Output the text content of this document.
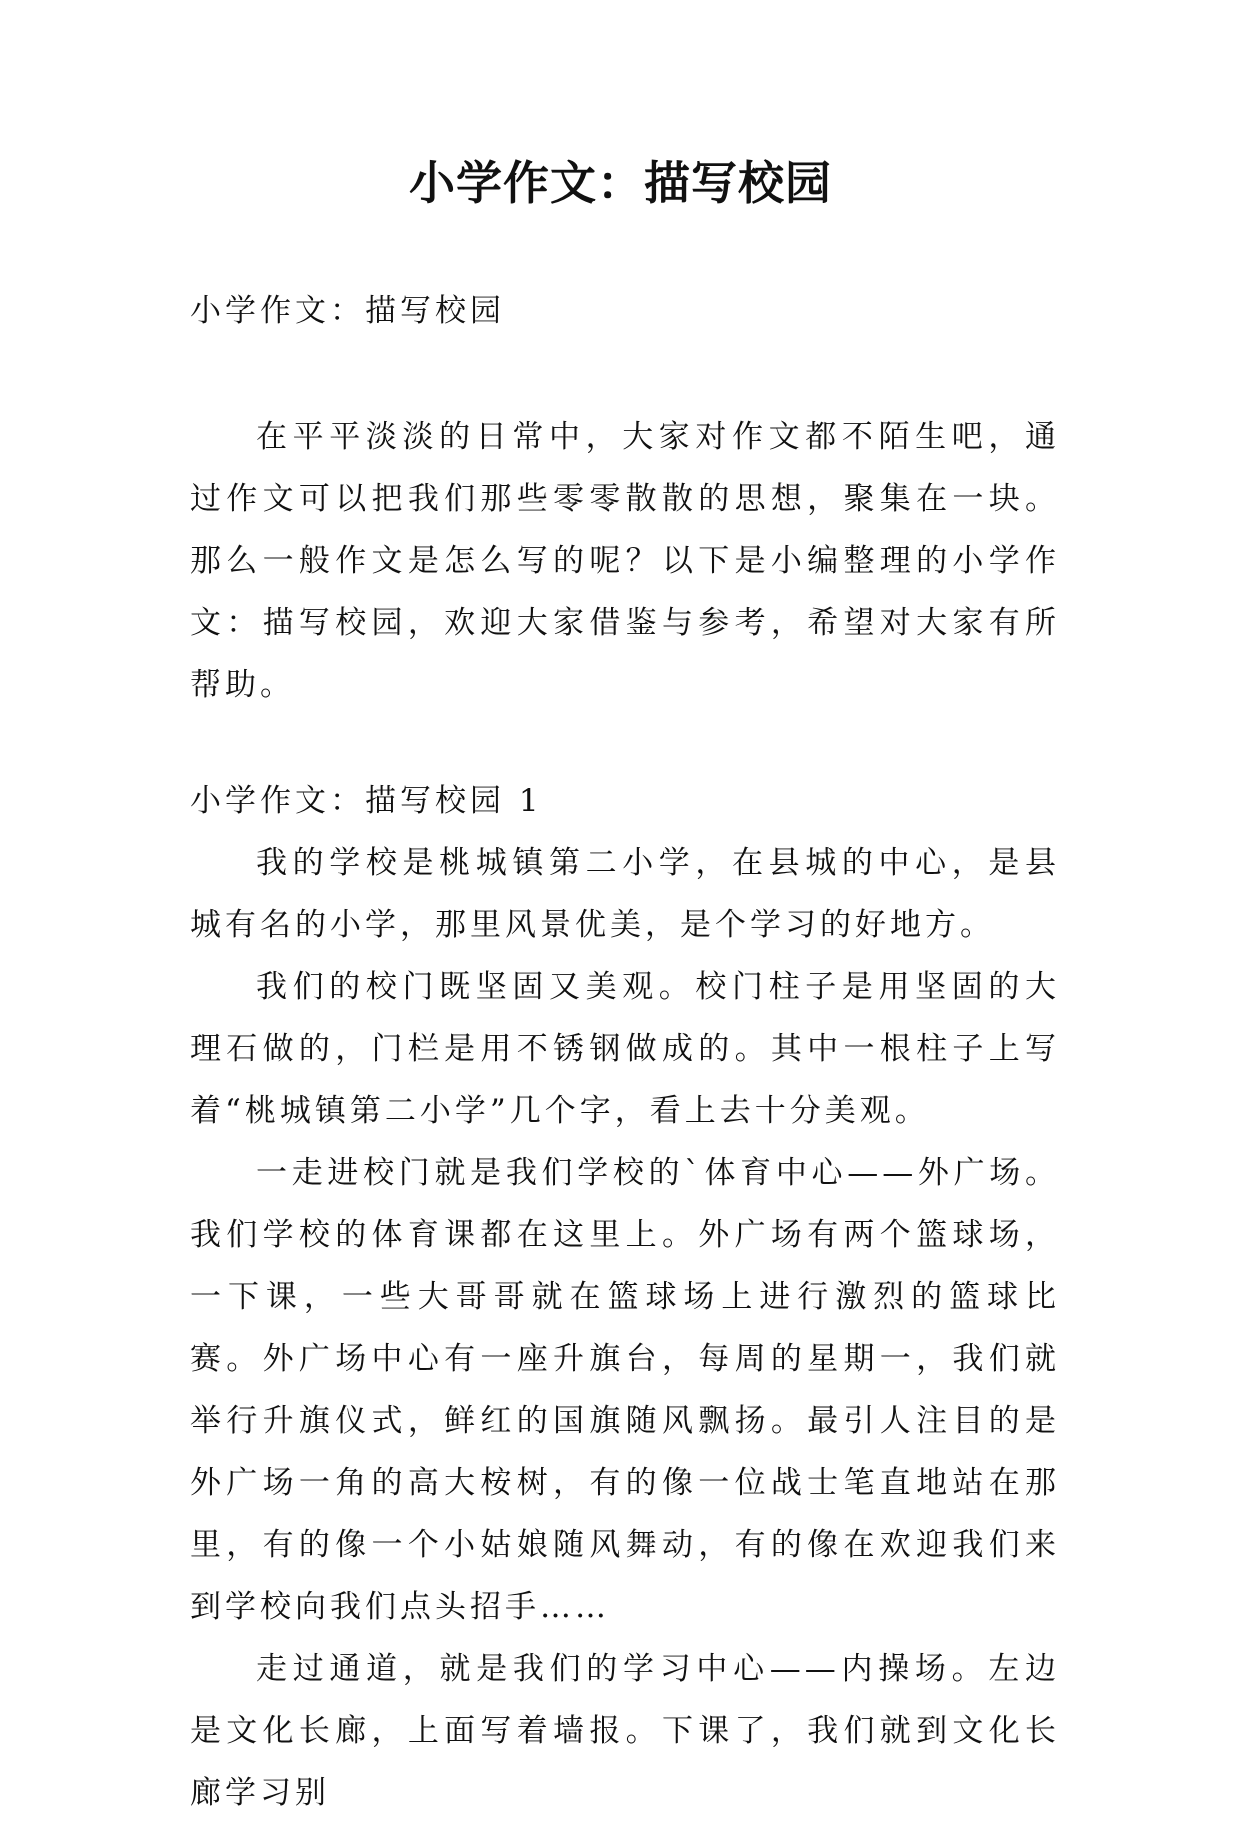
小学作文：描写校园

小学作文：描写校园

在平平淡淡的日常中，大家对作文都不陌生吧，通过作文可以把我们那些零零散散的思想，聚集在一块。那么一般作文是怎么写的呢？以下是小编整理的小学作文：描写校园，欢迎大家借鉴与参考，希望对大家有所帮助。

小学作文：描写校园 1

我的学校是桃城镇第二小学，在县城的中心，是县城有名的小学，那里风景优美，是个学习的好地方。

我们的校门既坚固又美观。校门柱子是用坚固的大理石做的，门栏是用不锈钢做成的。其中一根柱子上写着“桃城镇第二小学”几个字，看上去十分美观。

一走进校门就是我们学校的`体育中心——外广场。我们学校的体育课都在这里上。外广场有两个篮球场，一下课，一些大哥哥就在篮球场上进行激烈的篮球比赛。外广场中心有一座升旗台，每周的星期一，我们就举行升旗仪式，鲜红的国旗随风飘扬。最引人注目的是外广场一角的高大桉树，有的像一位战士笔直地站在那里，有的像一个小姑娘随风舞动，有的像在欢迎我们来到学校向我们点头招手……

走过通道，就是我们的学习中心——内操场。左边是文化长廊，上面写着墙报。下课了，我们就到文化长廊学习别
